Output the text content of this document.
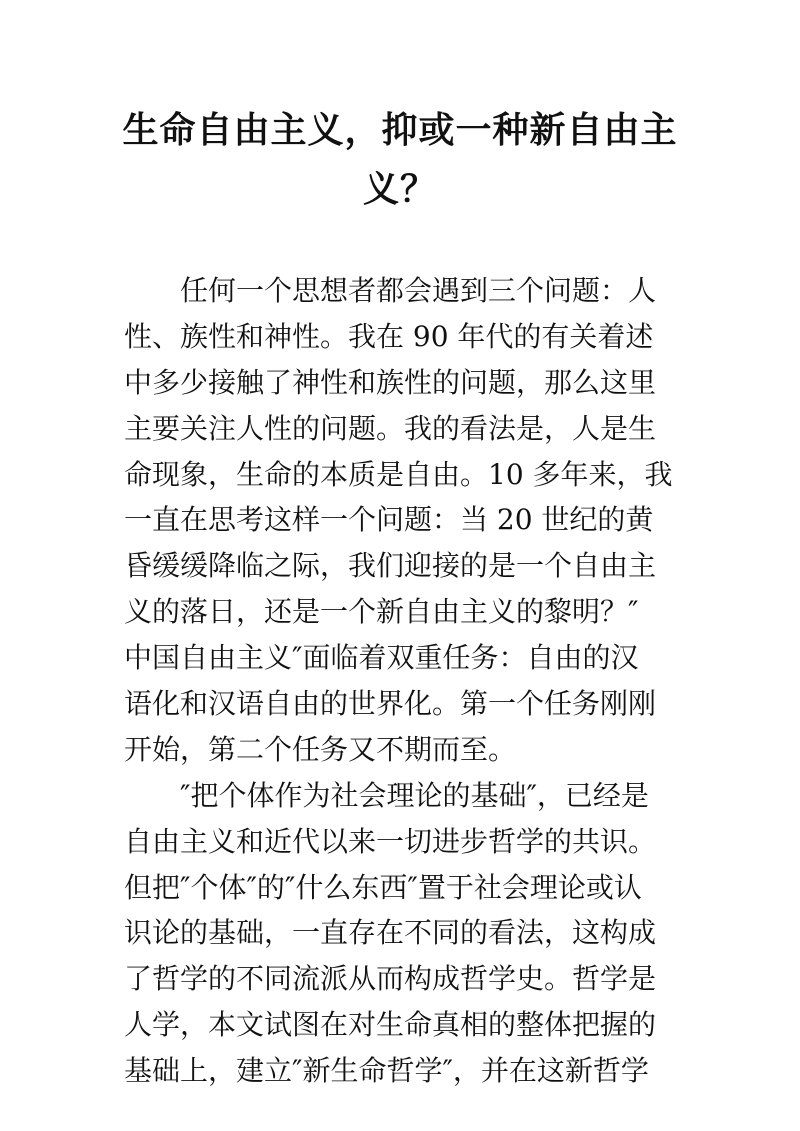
生命自由主义，抑或一种新自由主
义？
任何一个思想者都会遇到三个问题：人
性、族性和神性。我在 90 年代的有关着述
中多少接触了神性和族性的问题，那么这里
主要关注人性的问题。我的看法是，人是生
命现象，生命的本质是自由。10 多年来，我
一直在思考这样一个问题：当 20 世纪的黄
昏缓缓降临之际，我们迎接的是一个自由主
义的落日，还是一个新自由主义的黎明？″
中国自由主义″面临着双重任务：自由的汉
语化和汉语自由的世界化。第一个任务刚刚
开始，第二个任务又不期而至。
″把个体作为社会理论的基础″，已经是
自由主义和近代以来一切进步哲学的共识。
但把″个体″的″什么东西″置于社会理论或认
识论的基础，一直存在不同的看法，这构成
了哲学的不同流派从而构成哲学史。哲学是
人学，本文试图在对生命真相的整体把握的
基础上，建立″新生命哲学″，并在这新哲学
